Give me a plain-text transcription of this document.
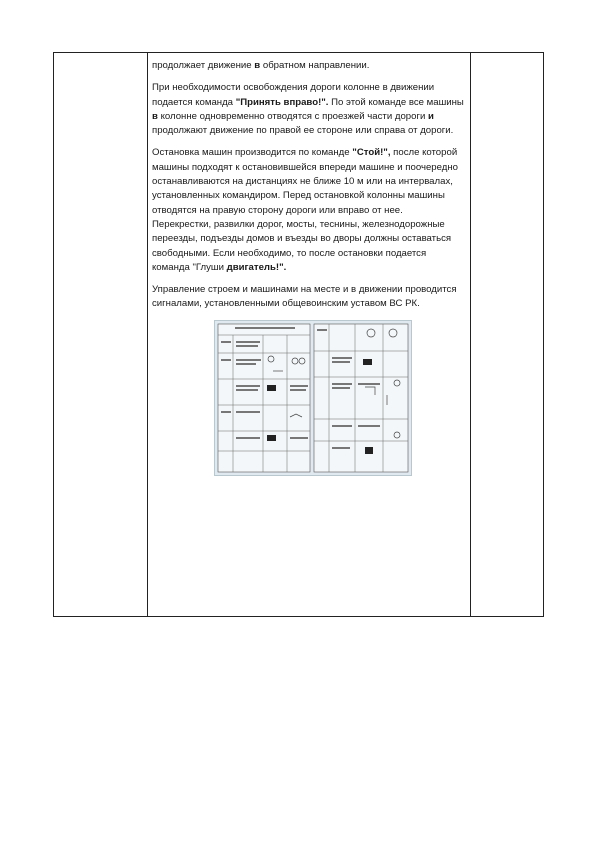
продолжает движение в обратном направлении.

При необходимости освобождения дороги колонне в движении подается команда "Принять вправо!". По этой команде все машины в колонне одновременно отводятся с проезжей части дороги и продолжают движение по правой ее стороне или справа от дороги.

Остановка машин производится по команде "Стой!", после которой машины подходят к остановившейся впереди машине и поочередно останавливаются на дистанциях не ближе 10 м или на интервалах, установленных командиром. Перед остановкой колонны машины отводятся на правую сторону дороги или вправо от нее. Перекрестки, развилки дорог, мосты, теснины, железнодорожные переезды, подъезды домов и въезды во дворы должны оставаться свободными. Если необходимо, то после остановки подается команда "Глуши двигатель!".

Управление строем и машинами на месте и в движении проводится сигналами, установленными общевоинским уставом ВС РК.
